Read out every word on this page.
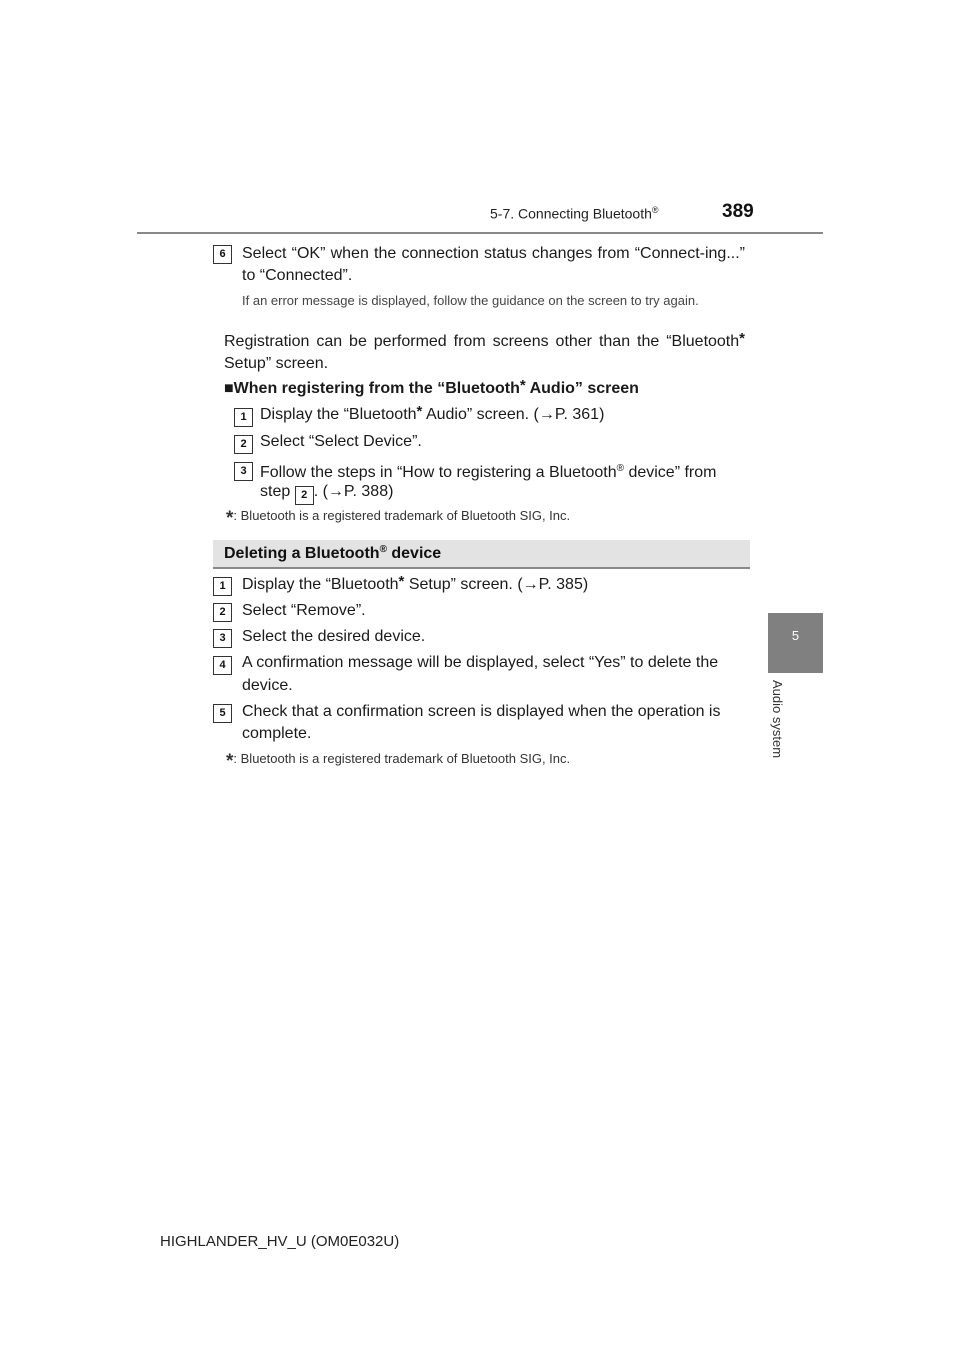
5-7. Connecting Bluetooth®	389
5
Audio system
6	Select “OK” when the connection status changes from “Connect-ing...” to “Connected”.
If an error message is displayed, follow the guidance on the screen to try again.
Registration can be performed from screens other than the “Bluetooth* Setup” screen.
■When registering from the “Bluetooth* Audio” screen
1 Display the “Bluetooth* Audio” screen. (→P. 361)
2 Select “Select Device”.
3 Follow the steps in “How to registering a Bluetooth® device” from
step 2 . (→P. 388)
*: Bluetooth is a registered trademark of Bluetooth SIG, Inc.
Deleting a Bluetooth® device
1	Display the “Bluetooth* Setup” screen. (→P. 385)
2	Select “Remove”.
3	Select the desired device.
4	A confirmation message will be displayed, select “Yes” to delete the
device.
5	Check that a confirmation screen is displayed when the operation is
complete.
*: Bluetooth is a registered trademark of Bluetooth SIG, Inc.
HIGHLANDER_HV_U (OM0E032U)
